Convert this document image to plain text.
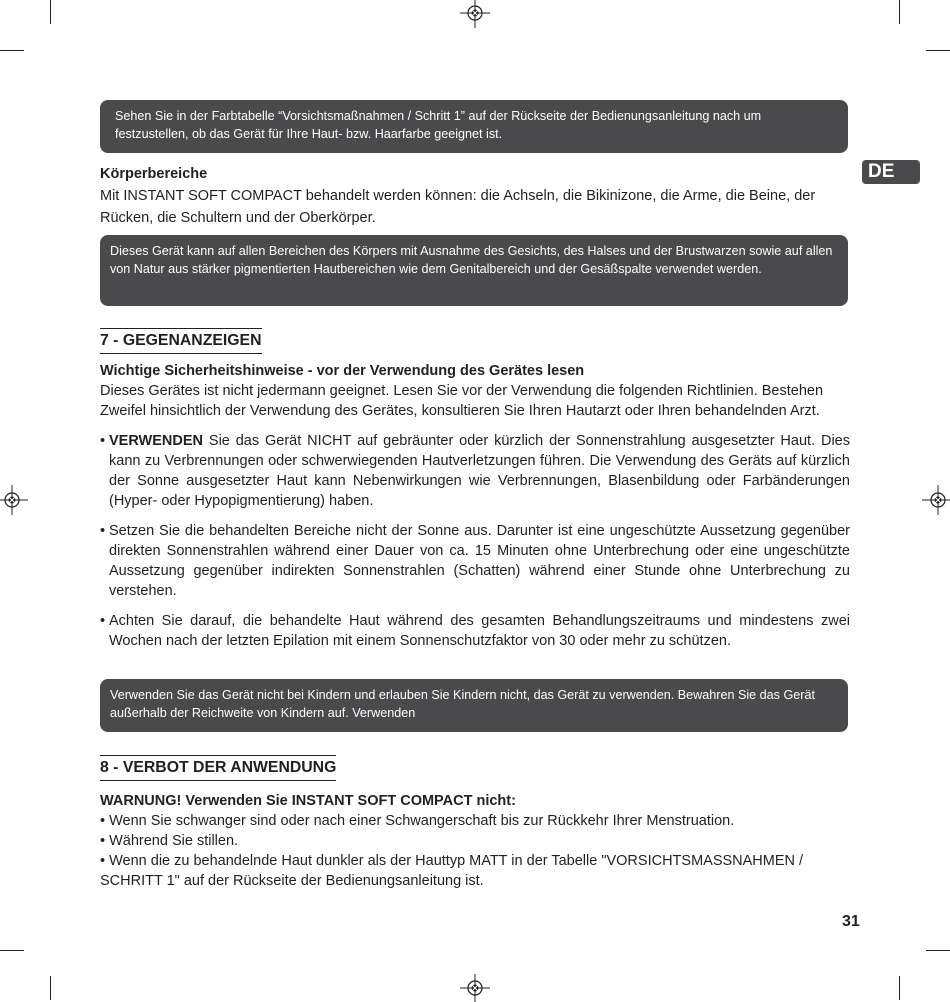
DE

Sehen Sie in der Farbtabelle “Vorsichtsmaßnahmen / Schritt 1” auf der Rückseite der Bedienungsanleitung nach um festzustellen, ob das Gerät für Ihre Haut- bzw. Haarfarbe geeignet ist.

Körperbereiche

Mit INSTANT SOFT COMPACT behandelt werden können: die Achseln, die Bikinizone, die Arme, die Beine, der Rücken, die Schultern und der Oberkörper.

Dieses Gerät kann auf allen Bereichen des Körpers mit Ausnahme des Gesichts, des Halses und der Brustwarzen sowie auf allen von Natur aus stärker pigmentierten Hautbereichen wie dem Genitalbereich und der Gesäßspalte verwendet werden.

7 - GEGENANZEIGEN

Wichtige Sicherheitshinweise - vor der Verwendung des Gerätes lesen

Dieses Gerätes ist nicht jedermann geeignet. Lesen Sie vor der Verwendung die folgenden Richtlinien. Bestehen Zweifel hinsichtlich der Verwendung des Gerätes, konsultieren Sie Ihren Hautarzt oder Ihren behandelnden Arzt.

• VERWENDEN Sie das Gerät NICHT auf gebräunter oder kürzlich der Sonnenstrahlung ausgesetzter Haut. Dies kann zu Verbrennungen oder schwerwiegenden Hautverletzungen führen. Die Verwendung des Geräts auf kürzlich der Sonne ausgesetzter Haut kann Nebenwirkungen wie Verbrennungen, Blasenbildung oder Farbänderungen (Hyper- oder Hypopigmentierung) haben.
• Setzen Sie die behandelten Bereiche nicht der Sonne aus. Darunter ist eine ungeschützte Aussetzung gegenüber direkten Sonnenstrahlen während einer Dauer von ca. 15 Minuten ohne Unterbrechung oder eine ungeschützte Aussetzung gegenüber indirekten Sonnenstrahlen (Schatten) während einer Stunde ohne Unterbrechung zu verstehen.
• Achten Sie darauf, die behandelte Haut während des gesamten Behandlungszeitraums und mindestens zwei Wochen nach der letzten Epilation mit einem Sonnenschutzfaktor von 30 oder mehr zu schützen.

Verwenden Sie das Gerät nicht bei Kindern und erlauben Sie Kindern nicht, das Gerät zu verwenden. Bewahren Sie das Gerät außerhalb der Reichweite von Kindern auf. Verwenden

8 - VERBOT DER ANWENDUNG

WARNUNG! Verwenden Sie INSTANT SOFT COMPACT nicht:

• Wenn Sie schwanger sind oder nach einer Schwangerschaft bis zur Rückkehr Ihrer Menstruation.

• Während Sie stillen.

• Wenn die zu behandelnde Haut dunkler als der Hauttyp MATT in der Tabelle "VORSICHTSMASSNAHMEN / SCHRITT 1" auf der Rückseite der Bedienungsanleitung ist.

31
